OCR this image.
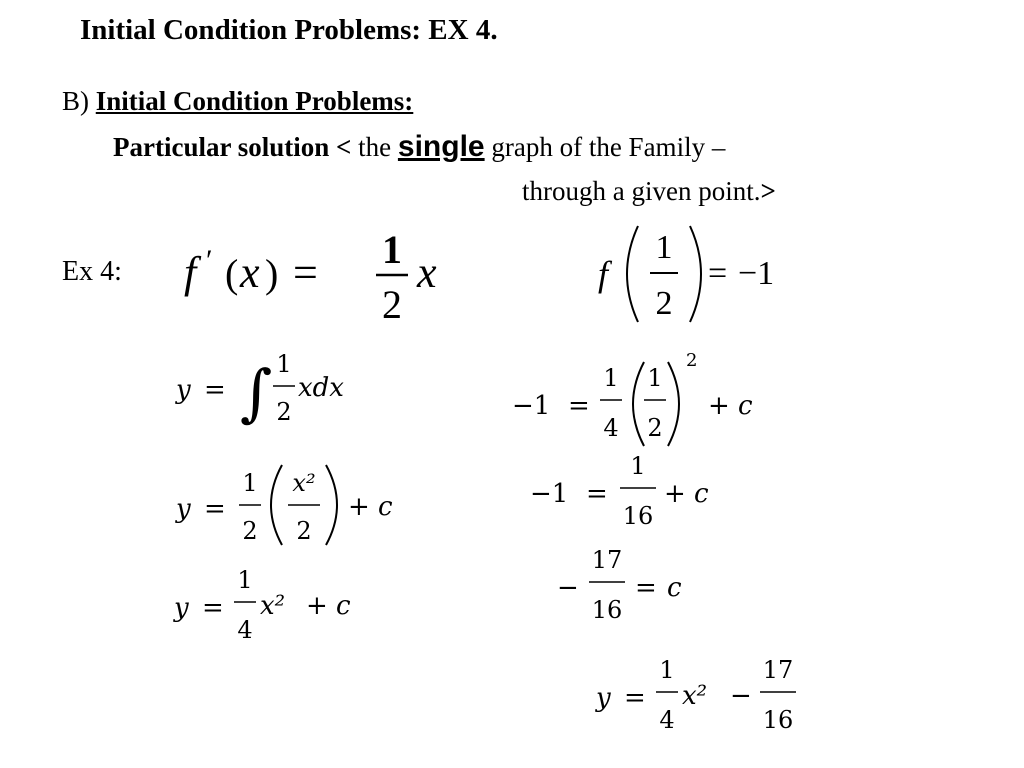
Initial Condition Problems: EX 4.
B) Initial Condition Problems:
Particular solution < the single graph of the Family –
through a given point.>
Ex 4: f ′ ( x ) = 1
2
x	f
1
2
= −1
y = ∫ 1
2
xdx
y =
1
2
x²
2
+ c
y =
1
4
x² + c
−1 =
1
4
1
2
2
+ c
−1 =
1
16
+ c
−
17
16
= c
y =
1
4
x² −
17
16
